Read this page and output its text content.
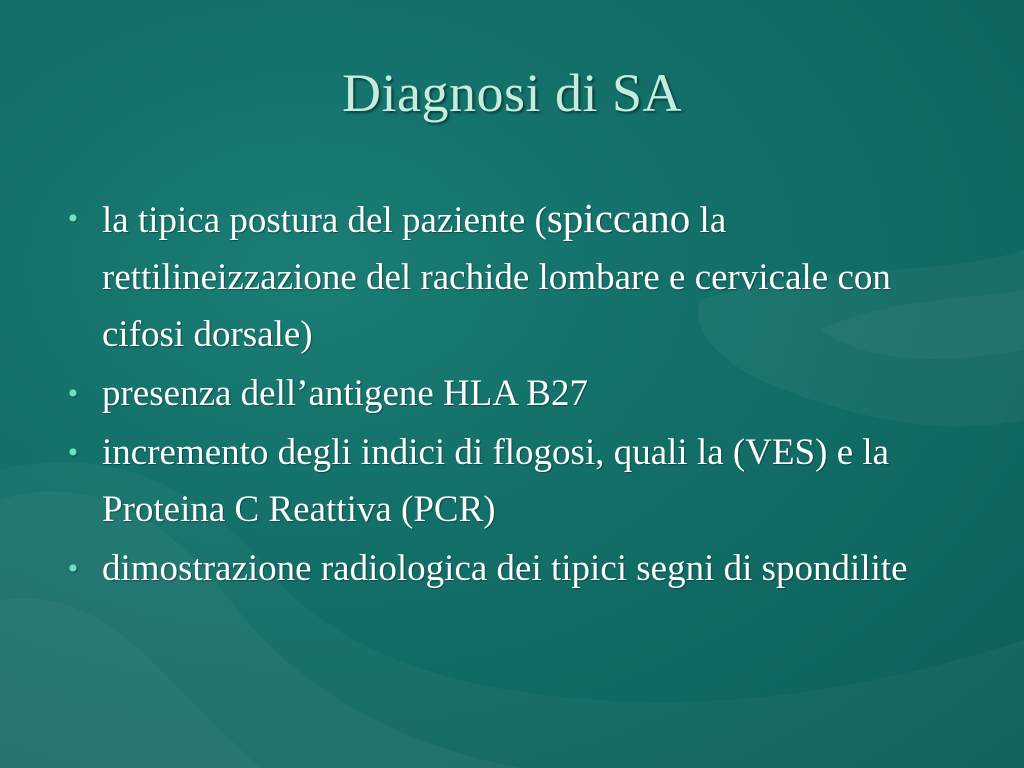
Diagnosi di SA
• la tipica postura del paziente (spiccano la rettilineizzazione del rachide lombare e cervicale con cifosi dorsale)
• presenza dell’antigene HLA B27
• incremento degli indici di flogosi, quali la (VES) e la Proteina C Reattiva (PCR)
• dimostrazione radiologica dei tipici segni di spondilite
